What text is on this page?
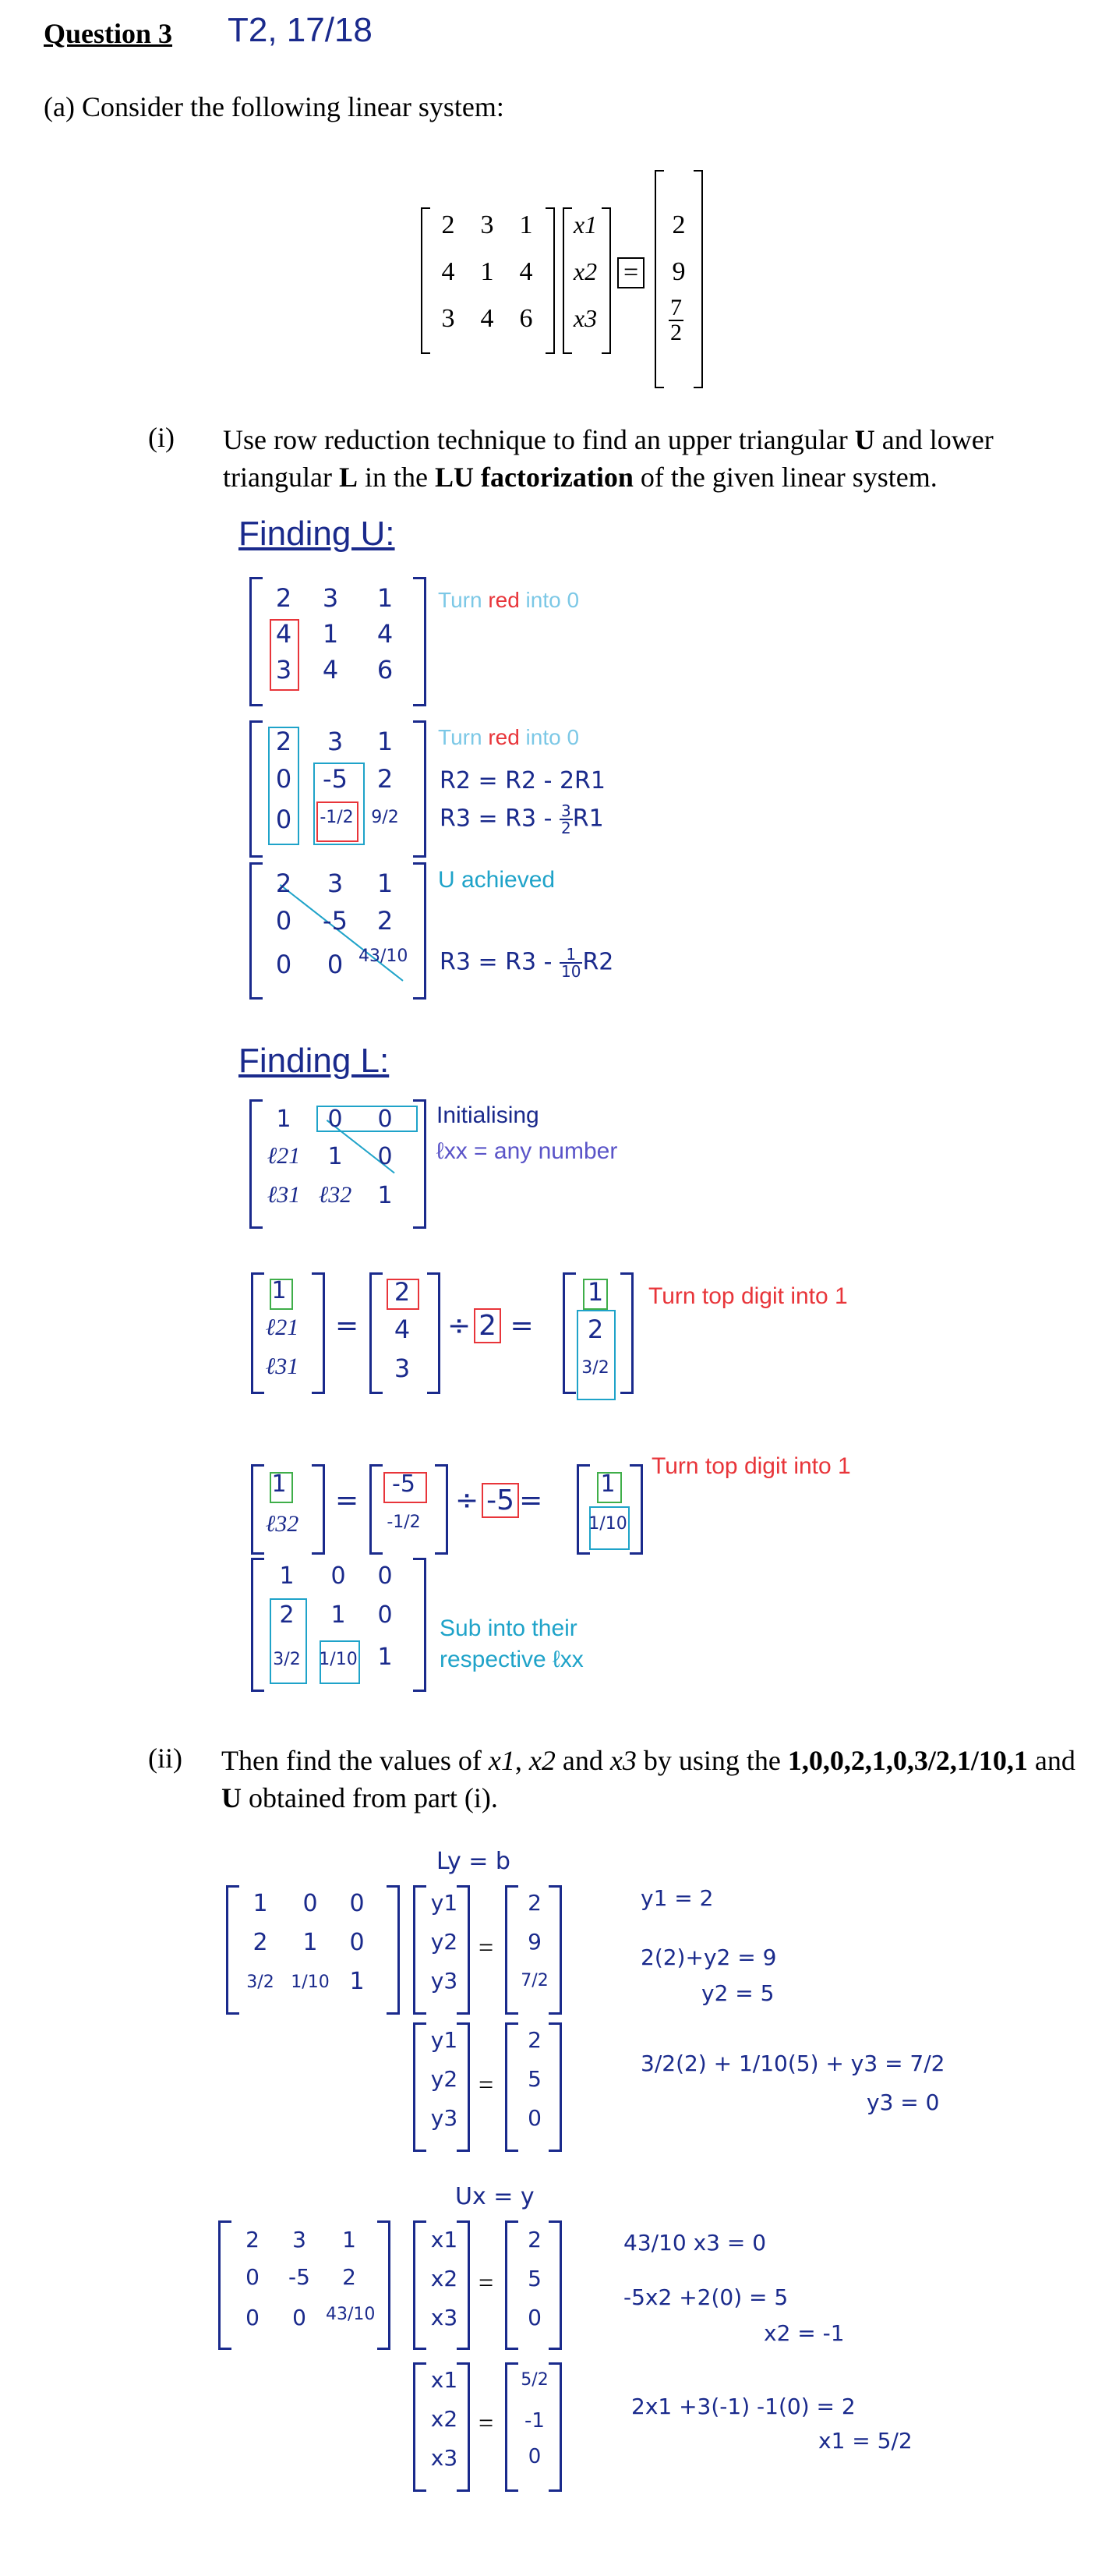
Question 3 T2, 17/18
(a) Consider the following linear system:
2 3 1
4 1 4
3 4 6
x1
x2
x3
=
2
9
$\frac{7}{2}$
(i) Use row reduction technique to find an upper triangular U and lower triangular L in the LU factorization of the given linear system.
Finding U:
2	3	1
4	1	4
3	4	6
Turn red into 0
2	3	1
0	-5	2
0	-1/2	9/2
Turn red into 0
R2 = R2 - 2R1
$R3 = R3 - \frac{3}{2} R1$
2	3	1
0	-5	2
0	0 43/10
U achieved
$R3 = R3 - \frac{1}{10} R2$
Finding L:
1	0	0
ℓ21	1	0
ℓ31 ℓ32	1
Initialising
ℓxx = any number
1
ℓ21
ℓ31
=
2
4
3
÷ 2 =
1
2
3/2
Turn top digit into 1
1
ℓ32
=
-5
-1/2
÷ -5 =
1
1/10
Turn top digit into 1
1	0	0
2	1	0
3/2	1/10 1
Sub into their
respective ℓxx
(ii) Then find the values of x1, x2 and x3 by using the 1,0,0,2,1,0,3/2,1/10,1 and U obtained from part (i).
Ly = b
1	0	0
2	1	0
3/2 1/10 1
y1
y2
y3
=
2
9
7/2
y1
y2
y3
=
2
5
0
y1 = 2
2(2)+y2 = 9
y2 = 5
3/2(2) + 1/10(5) + y3 = 7/2
y3 = 0
Ux = y
2	3	1
0	-5	2
0	0	43/10
x1
x2
x3
=
2
5
0
x1
x2
x3
=
5/2
-1
0
43/10 x3 = 0
-5x2 +2(0) = 5
x2 = -1
2x1 +3(-1) -1(0) = 2
x1 = 5/2
